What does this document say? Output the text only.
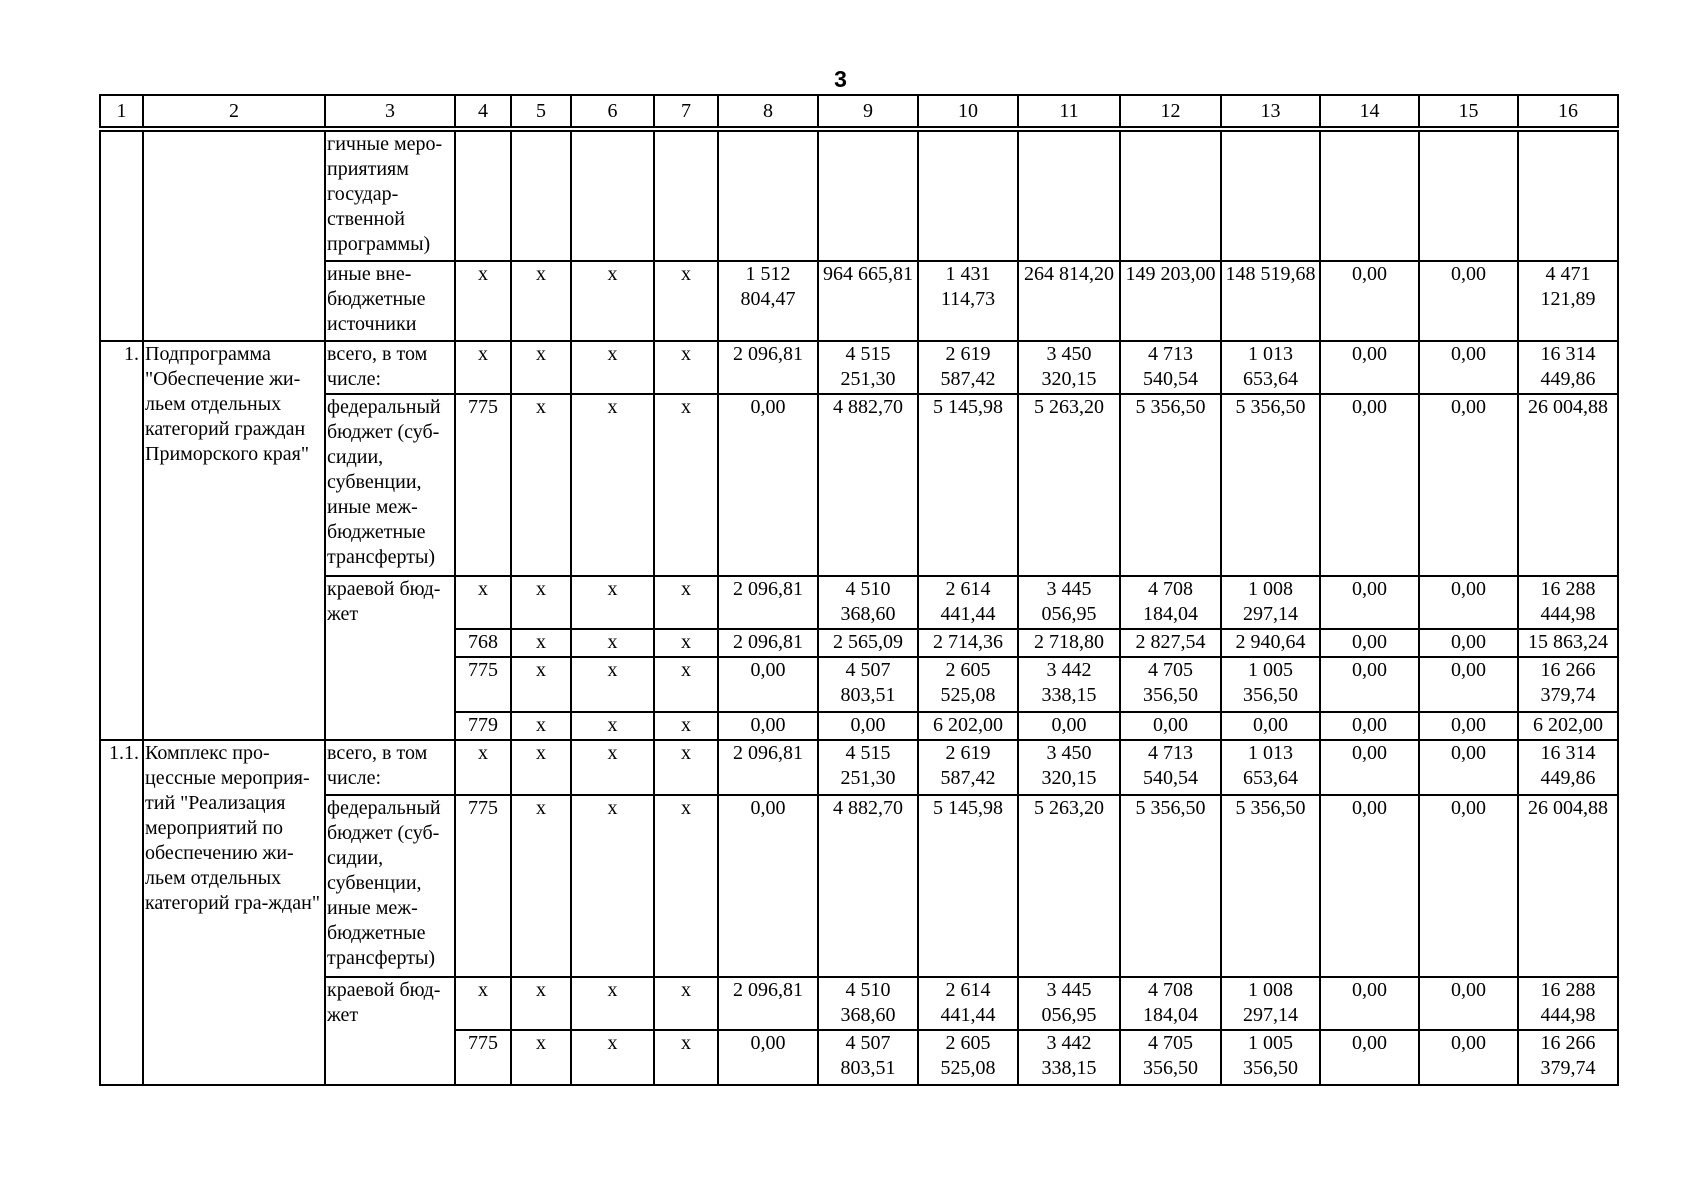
3
1	2	3	4	5	6	7	8	9	10	11	12	13	14	15	16
		гичные меро-приятиям государ-ственной программы)													
		иные вне-бюджетные источники	x	x	x	x	1 512 804,47	964 665,81	1 431 114,73	264 814,20	149 203,00	148 519,68	0,00	0,00	4 471 121,89
1.	Подпрограмма "Обеспечение жи-льем отдельных категорий граждан Приморского края"	всего, в том числе:	x	x	x	x	2 096,81	4 515 251,30	2 619 587,42	3 450 320,15	4 713 540,54	1 013 653,64	0,00	0,00	16 314 449,86
		федеральный бюджет (суб-сидии, субвенции, иные меж-бюджетные трансферты)	775	x	x	x	0,00	4 882,70	5 145,98	5 263,20	5 356,50	5 356,50	0,00	0,00	26 004,88
		краевой бюд-жет	x	x	x	x	2 096,81	4 510 368,60	2 614 441,44	3 445 056,95	4 708 184,04	1 008 297,14	0,00	0,00	16 288 444,98
			768	x	x	x	2 096,81	2 565,09	2 714,36	2 718,80	2 827,54	2 940,64	0,00	0,00	15 863,24
			775	x	x	x	0,00	4 507 803,51	2 605 525,08	3 442 338,15	4 705 356,50	1 005 356,50	0,00	0,00	16 266 379,74
			779	x	x	x	0,00	0,00	6 202,00	0,00	0,00	0,00	0,00	0,00	6 202,00
1.1.	Комплекс про-цессные мероприя-тий "Реализация мероприятий по обеспечению жи-льем отдельных категорий гра-ждан"	всего, в том числе:	x	x	x	x	2 096,81	4 515 251,30	2 619 587,42	3 450 320,15	4 713 540,54	1 013 653,64	0,00	0,00	16 314 449,86
		федеральный бюджет (суб-сидии, субвенции, иные меж-бюджетные трансферты)	775	x	x	x	0,00	4 882,70	5 145,98	5 263,20	5 356,50	5 356,50	0,00	0,00	26 004,88
		краевой бюд-жет	x	x	x	x	2 096,81	4 510 368,60	2 614 441,44	3 445 056,95	4 708 184,04	1 008 297,14	0,00	0,00	16 288 444,98
			775	x	x	x	0,00	4 507 803,51	2 605 525,08	3 442 338,15	4 705 356,50	1 005 356,50	0,00	0,00	16 266 379,74
